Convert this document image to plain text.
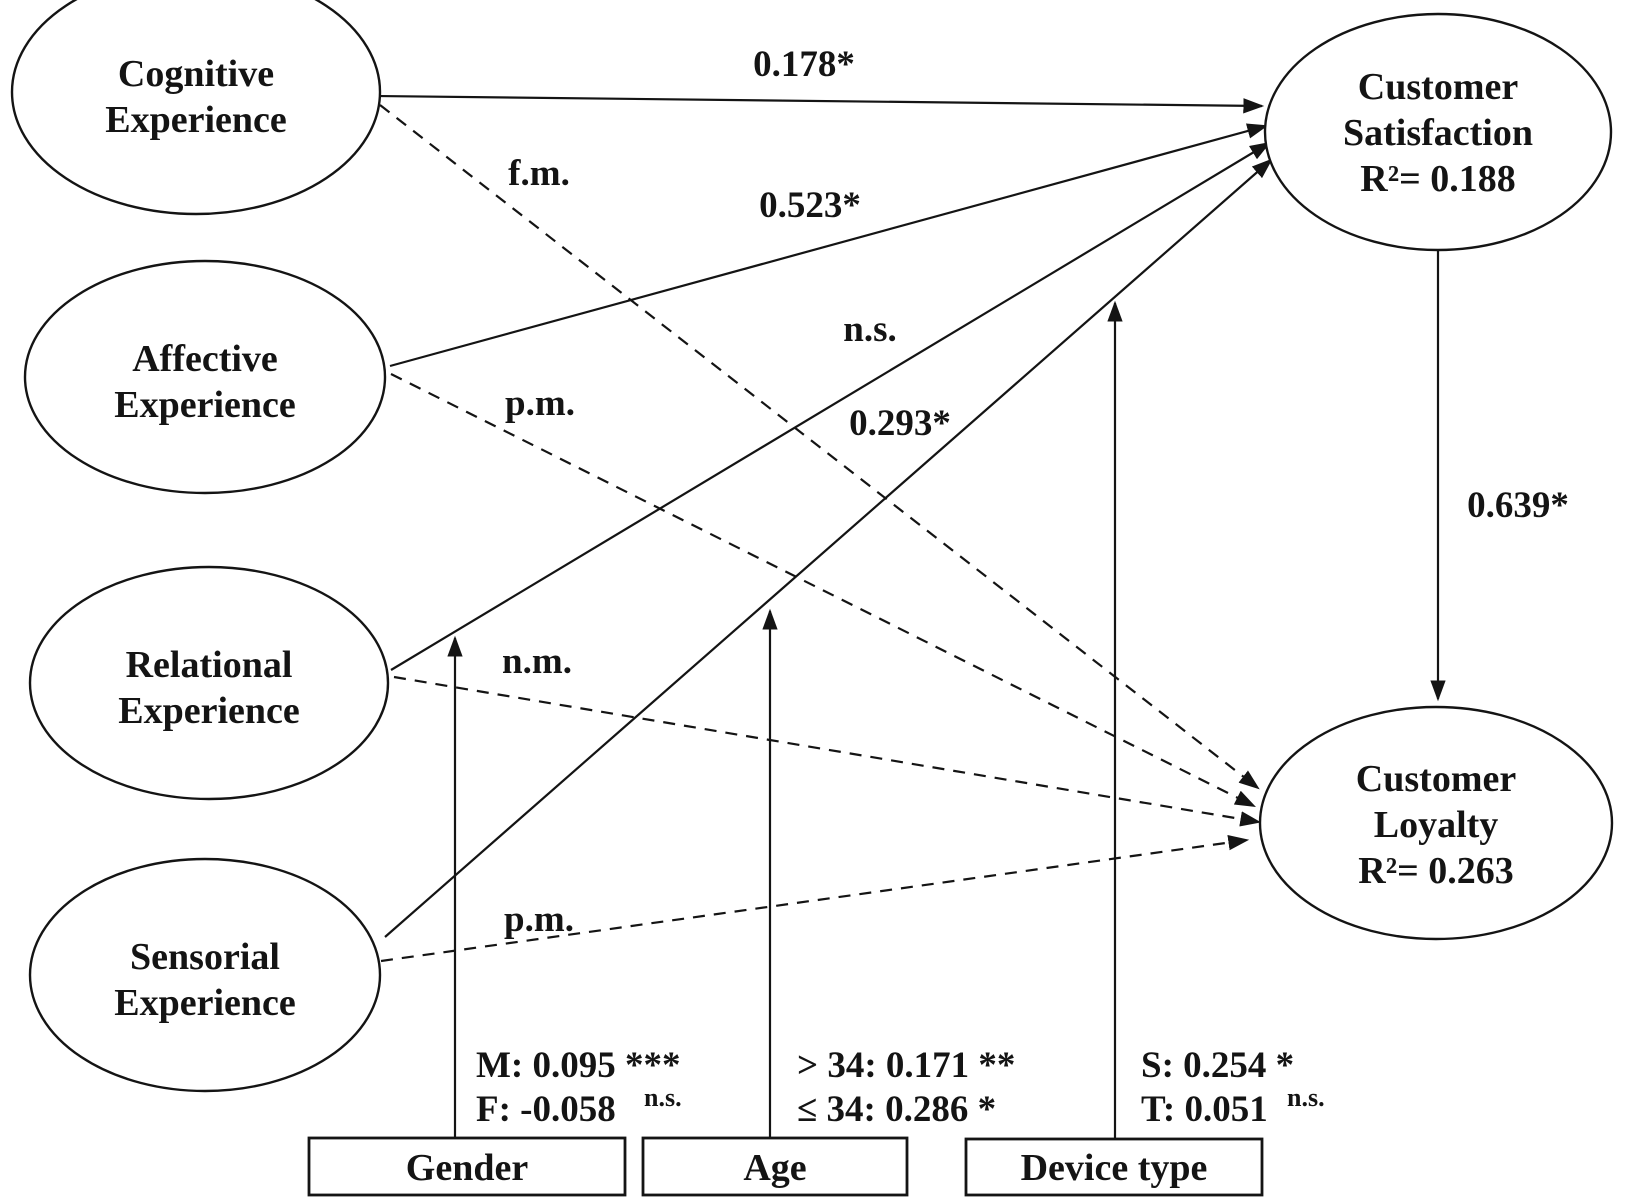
Cognitive
Experience
Affective
Experience
Relational
Experience
Sensorial
Experience
Customer
Satisfaction
R²= 0.188
Customer
Loyalty
R²= 0.263
0.178*
f.m.
0.523*
n.s.
p.m.	0.293*
n.m.
p.m.
0.639*
M: 0.095 ***
F: -0.058 n.s.
> 34: 0.171 **
≤ 34: 0.286 *
S: 0.254 *
T: 0.051 n.s.
Gender	Age	Device type
